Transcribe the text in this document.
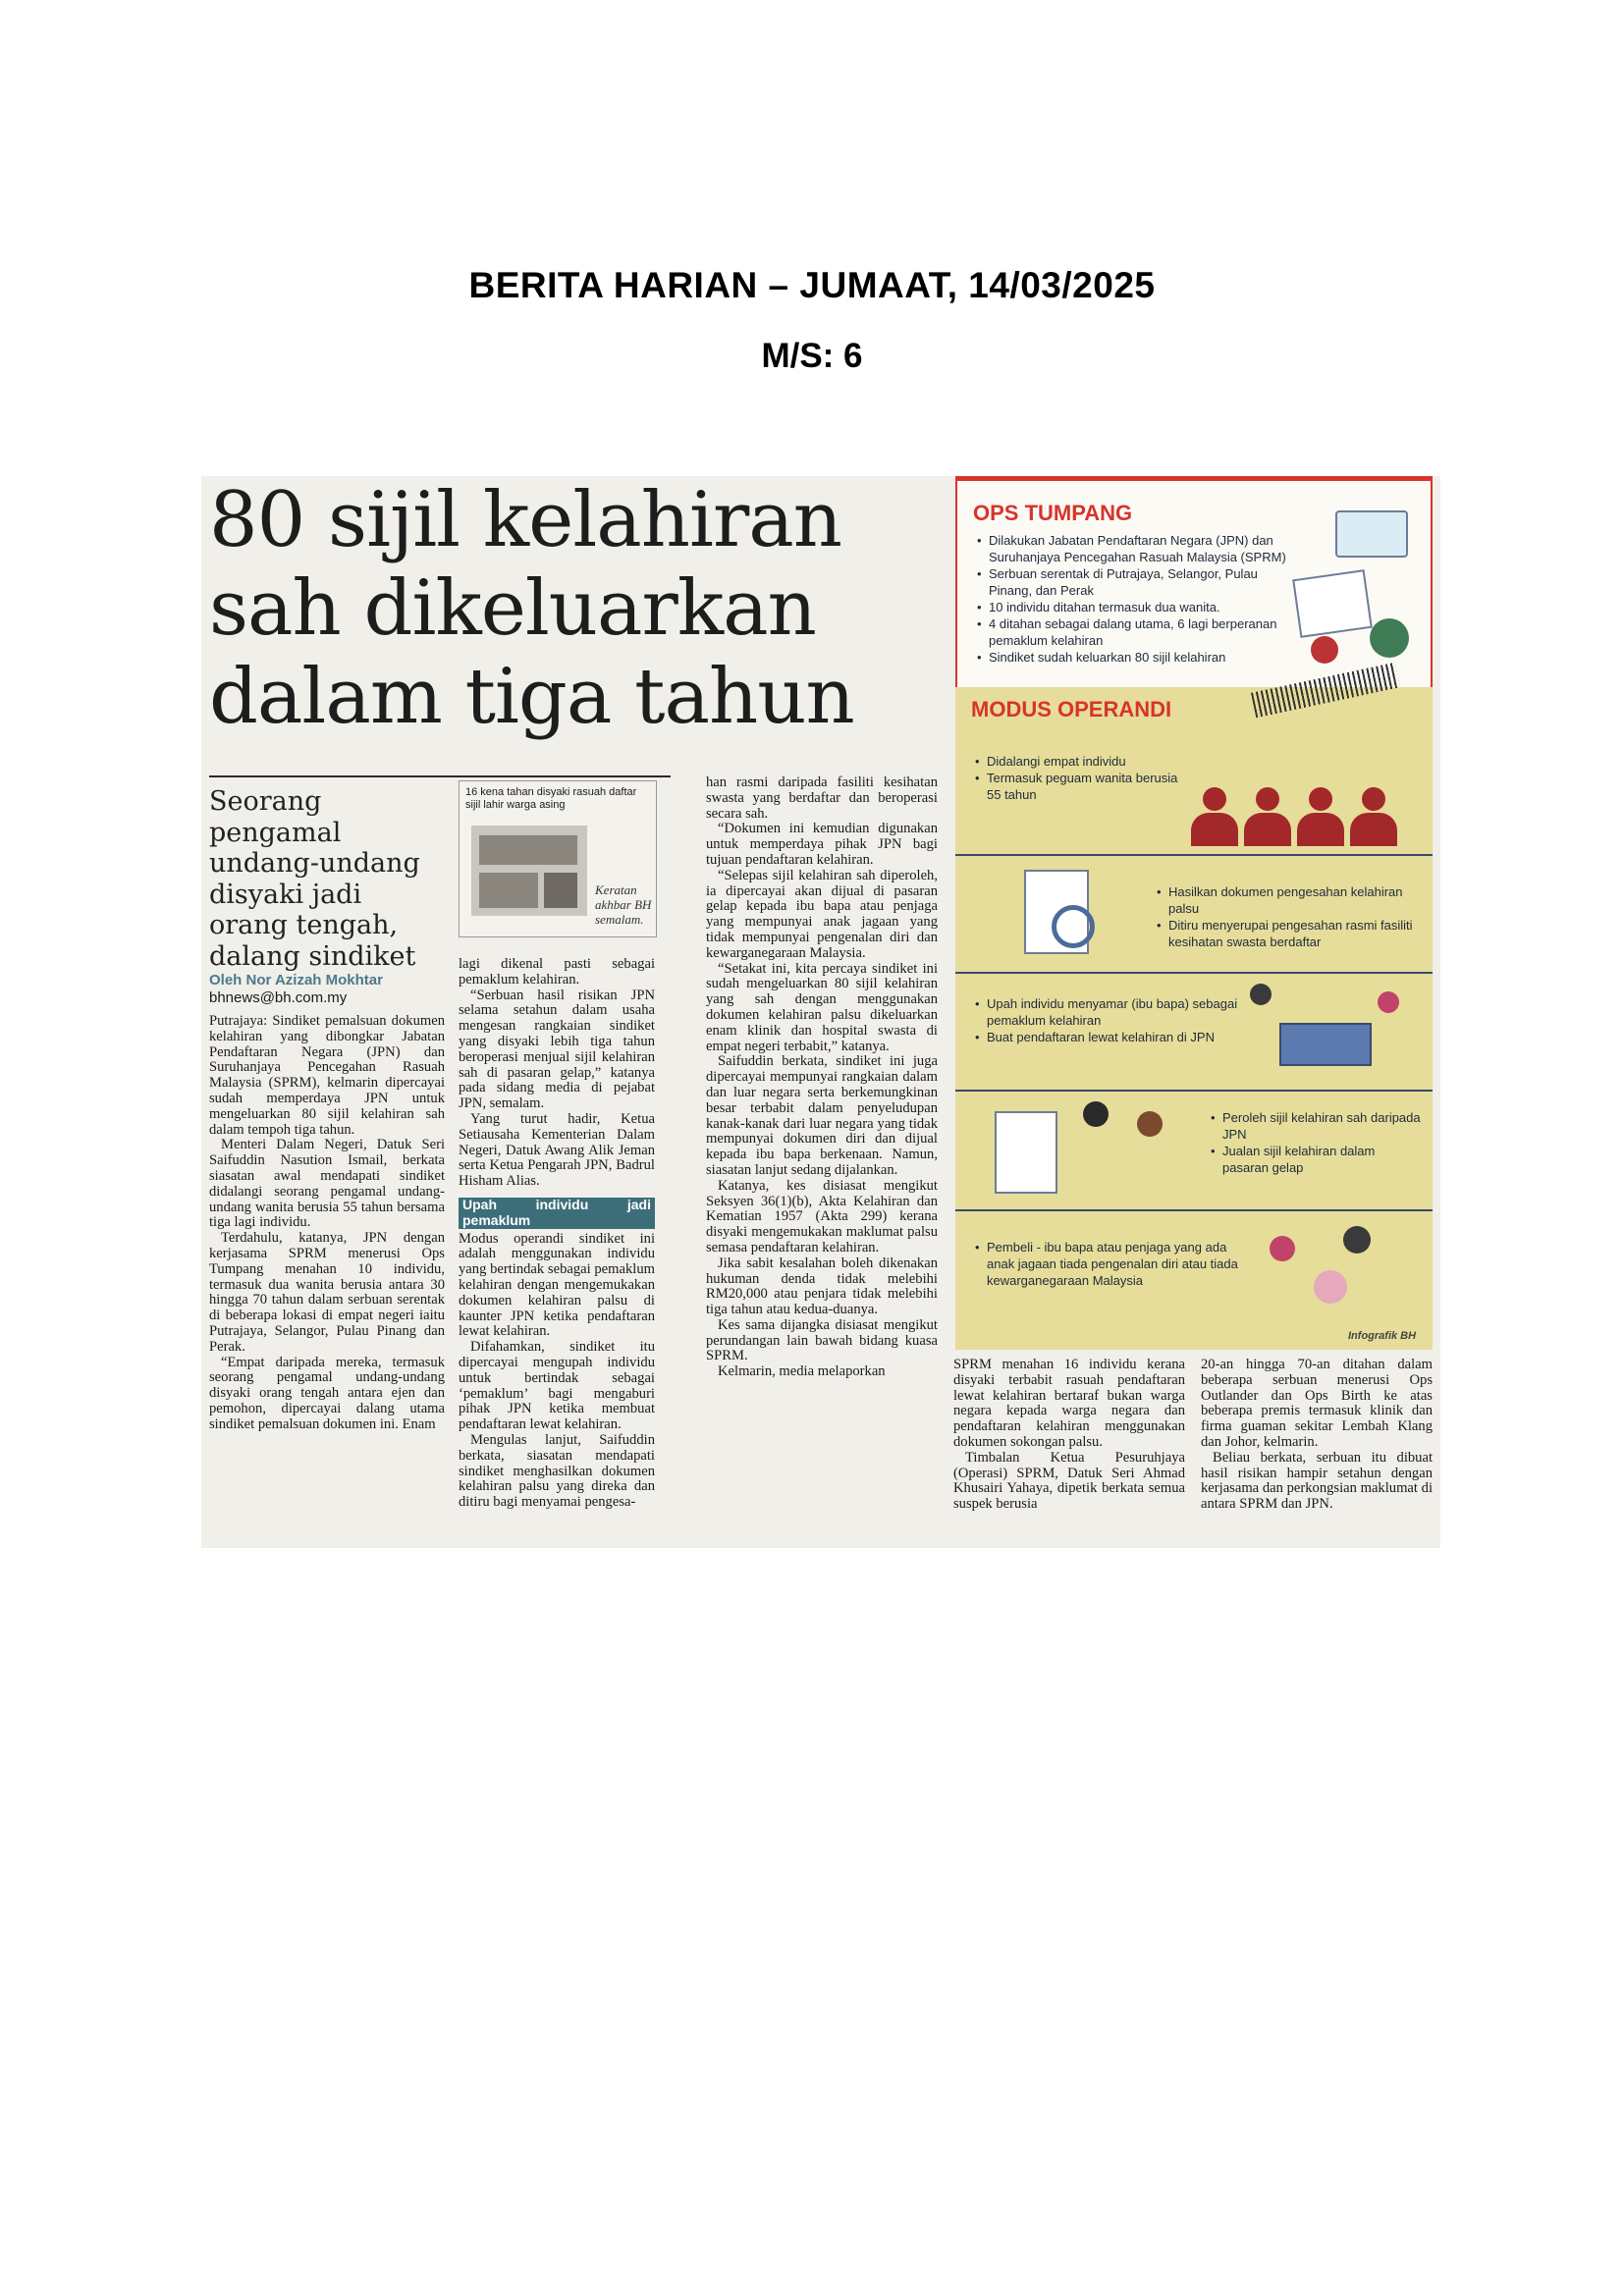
BERITA HARIAN – JUMAAT, 14/03/2025
M/S: 6
80 sijil kelahiran
sah dikeluarkan
dalam tiga tahun
Seorang pengamal undang-undang disyaki jadi orang tengah, dalang sindiket
Oleh Nor Azizah Mokhtar
bhnews@bh.com.my

Putrajaya: Sindiket pemalsuan dokumen kelahiran yang dibongkar Jabatan Pendaftaran Negara (JPN) dan Suruhanjaya Pencegahan Rasuah Malaysia (SPRM), kelmarin dipercayai sudah memperdaya JPN untuk mengeluarkan 80 sijil kelahiran sah dalam tempoh tiga tahun.

Menteri Dalam Negeri, Datuk Seri Saifuddin Nasution Ismail, berkata siasatan awal mendapati sindiket didalangi seorang pengamal undang-undang wanita berusia 55 tahun bersama tiga lagi individu.

Terdahulu, katanya, JPN dengan kerjasama SPRM menerusi Ops Tumpang menahan 10 individu, termasuk dua wanita berusia antara 30 hingga 70 tahun dalam serbuan serentak di beberapa lokasi di empat negeri iaitu Putrajaya, Selangor, Pulau Pinang dan Perak.

“Empat daripada mereka, termasuk seorang pengamal undang-undang disyaki orang tengah antara ejen dan pemohon, dipercayai dalang utama sindiket pemalsuan dokumen ini. Enam

16 kena tahan disyaki rasuah daftar sijil lahir warga asing
Keratan akhbar BH semalam.

lagi dikenal pasti sebagai pemaklum kelahiran.

“Serbuan hasil risikan JPN selama setahun dalam usaha mengesan rangkaian sindiket yang disyaki lebih tiga tahun beroperasi menjual sijil kelahiran sah di pasaran gelap,” katanya pada sidang media di pejabat JPN, semalam.

Yang turut hadir, Ketua Setiausaha Kementerian Dalam Negeri, Datuk Awang Alik Jeman serta Ketua Pengarah JPN, Badrul Hisham Alias.

Upah individu jadi pemaklum

Modus operandi sindiket ini adalah menggunakan individu yang bertindak sebagai pemaklum kelahiran dengan mengemukakan dokumen kelahiran palsu di kaunter JPN ketika pendaftaran lewat kelahiran.

Difahamkan, sindiket itu dipercayai mengupah individu untuk bertindak sebagai ‘pemaklum’ bagi mengaburi pihak JPN ketika membuat pendaftaran lewat kelahiran.

Mengulas lanjut, Saifuddin berkata, siasatan mendapati sindiket menghasilkan dokumen kelahiran palsu yang direka dan ditiru bagi menyamai pengesa-

han rasmi daripada fasiliti kesihatan swasta yang berdaftar dan beroperasi secara sah.

“Dokumen ini kemudian digunakan untuk memperdaya pihak JPN bagi tujuan pendaftaran kelahiran.

“Selepas sijil kelahiran sah diperoleh, ia dipercayai akan dijual di pasaran gelap kepada ibu bapa atau penjaga yang mempunyai anak jagaan yang tidak mempunyai pengenalan diri dan kewarganegaraan Malaysia.

“Setakat ini, kita percaya sindiket ini sudah mengeluarkan 80 sijil kelahiran yang sah dengan menggunakan dokumen kelahiran palsu dikeluarkan enam klinik dan hospital swasta di empat negeri terbabit,” katanya.

Saifuddin berkata, sindiket ini juga dipercayai mempunyai rangkaian dalam dan luar negara serta berkemungkinan besar terbabit dalam penyeludupan kanak-kanak dari luar negara yang tidak mempunyai dokumen diri dan dijual kepada ibu bapa berkenaan. Namun, siasatan lanjut sedang dijalankan.

Katanya, kes disiasat mengikut Seksyen 36(1)(b), Akta Kelahiran dan Kematian 1957 (Akta 299) kerana disyaki mengemukakan maklumat palsu semasa pendaftaran kelahiran.

Jika sabit kesalahan boleh dikenakan hukuman denda tidak melebihi RM20,000 atau penjara tidak melebihi tiga tahun atau kedua-duanya.

Kes sama dijangka disiasat mengikut perundangan lain bawah bidang kuasa SPRM.

Kelmarin, media melaporkan

OPS TUMPANG
• Dilakukan Jabatan Pendaftaran Negara (JPN) dan Suruhanjaya Pencegahan Rasuah Malaysia (SPRM)
• Serbuan serentak di Putrajaya, Selangor, Pulau Pinang, dan Perak
• 10 individu ditahan termasuk dua wanita.
• 4 ditahan sebagai dalang utama, 6 lagi berperanan pemaklum kelahiran
• Sindiket sudah keluarkan 80 sijil kelahiran
MODUS OPERANDI
• Didalangi empat individu
• Termasuk peguam wanita berusia 55 tahun
• Hasilkan dokumen pengesahan kelahiran palsu
• Ditiru menyerupai pengesahan rasmi fasiliti kesihatan swasta berdaftar
• Upah individu menyamar (ibu bapa) sebagai pemaklum kelahiran
• Buat pendaftaran lewat kelahiran di JPN
• Peroleh sijil kelahiran sah daripada JPN
• Jualan sijil kelahiran dalam pasaran gelap
• Pembeli - ibu bapa atau penjaga yang ada anak jagaan tiada pengenalan diri atau tiada kewarganegaraan Malaysia
Infografik BH

SPRM menahan 16 individu kerana disyaki terbabit rasuah pendaftaran lewat kelahiran bertaraf bukan warga negara kepada warga negara dan pendaftaran kelahiran menggunakan dokumen sokongan palsu.

Timbalan Ketua Pesuruhjaya (Operasi) SPRM, Datuk Seri Ahmad Khusairi Yahaya, dipetik berkata semua suspek berusia

20-an hingga 70-an ditahan dalam beberapa serbuan menerusi Ops Outlander dan Ops Birth ke atas beberapa premis termasuk klinik dan firma guaman sekitar Lembah Klang dan Johor, kelmarin.

Beliau berkata, serbuan itu dibuat hasil risikan hampir setahun dengan kerjasama dan perkongsian maklumat di antara SPRM dan JPN.
